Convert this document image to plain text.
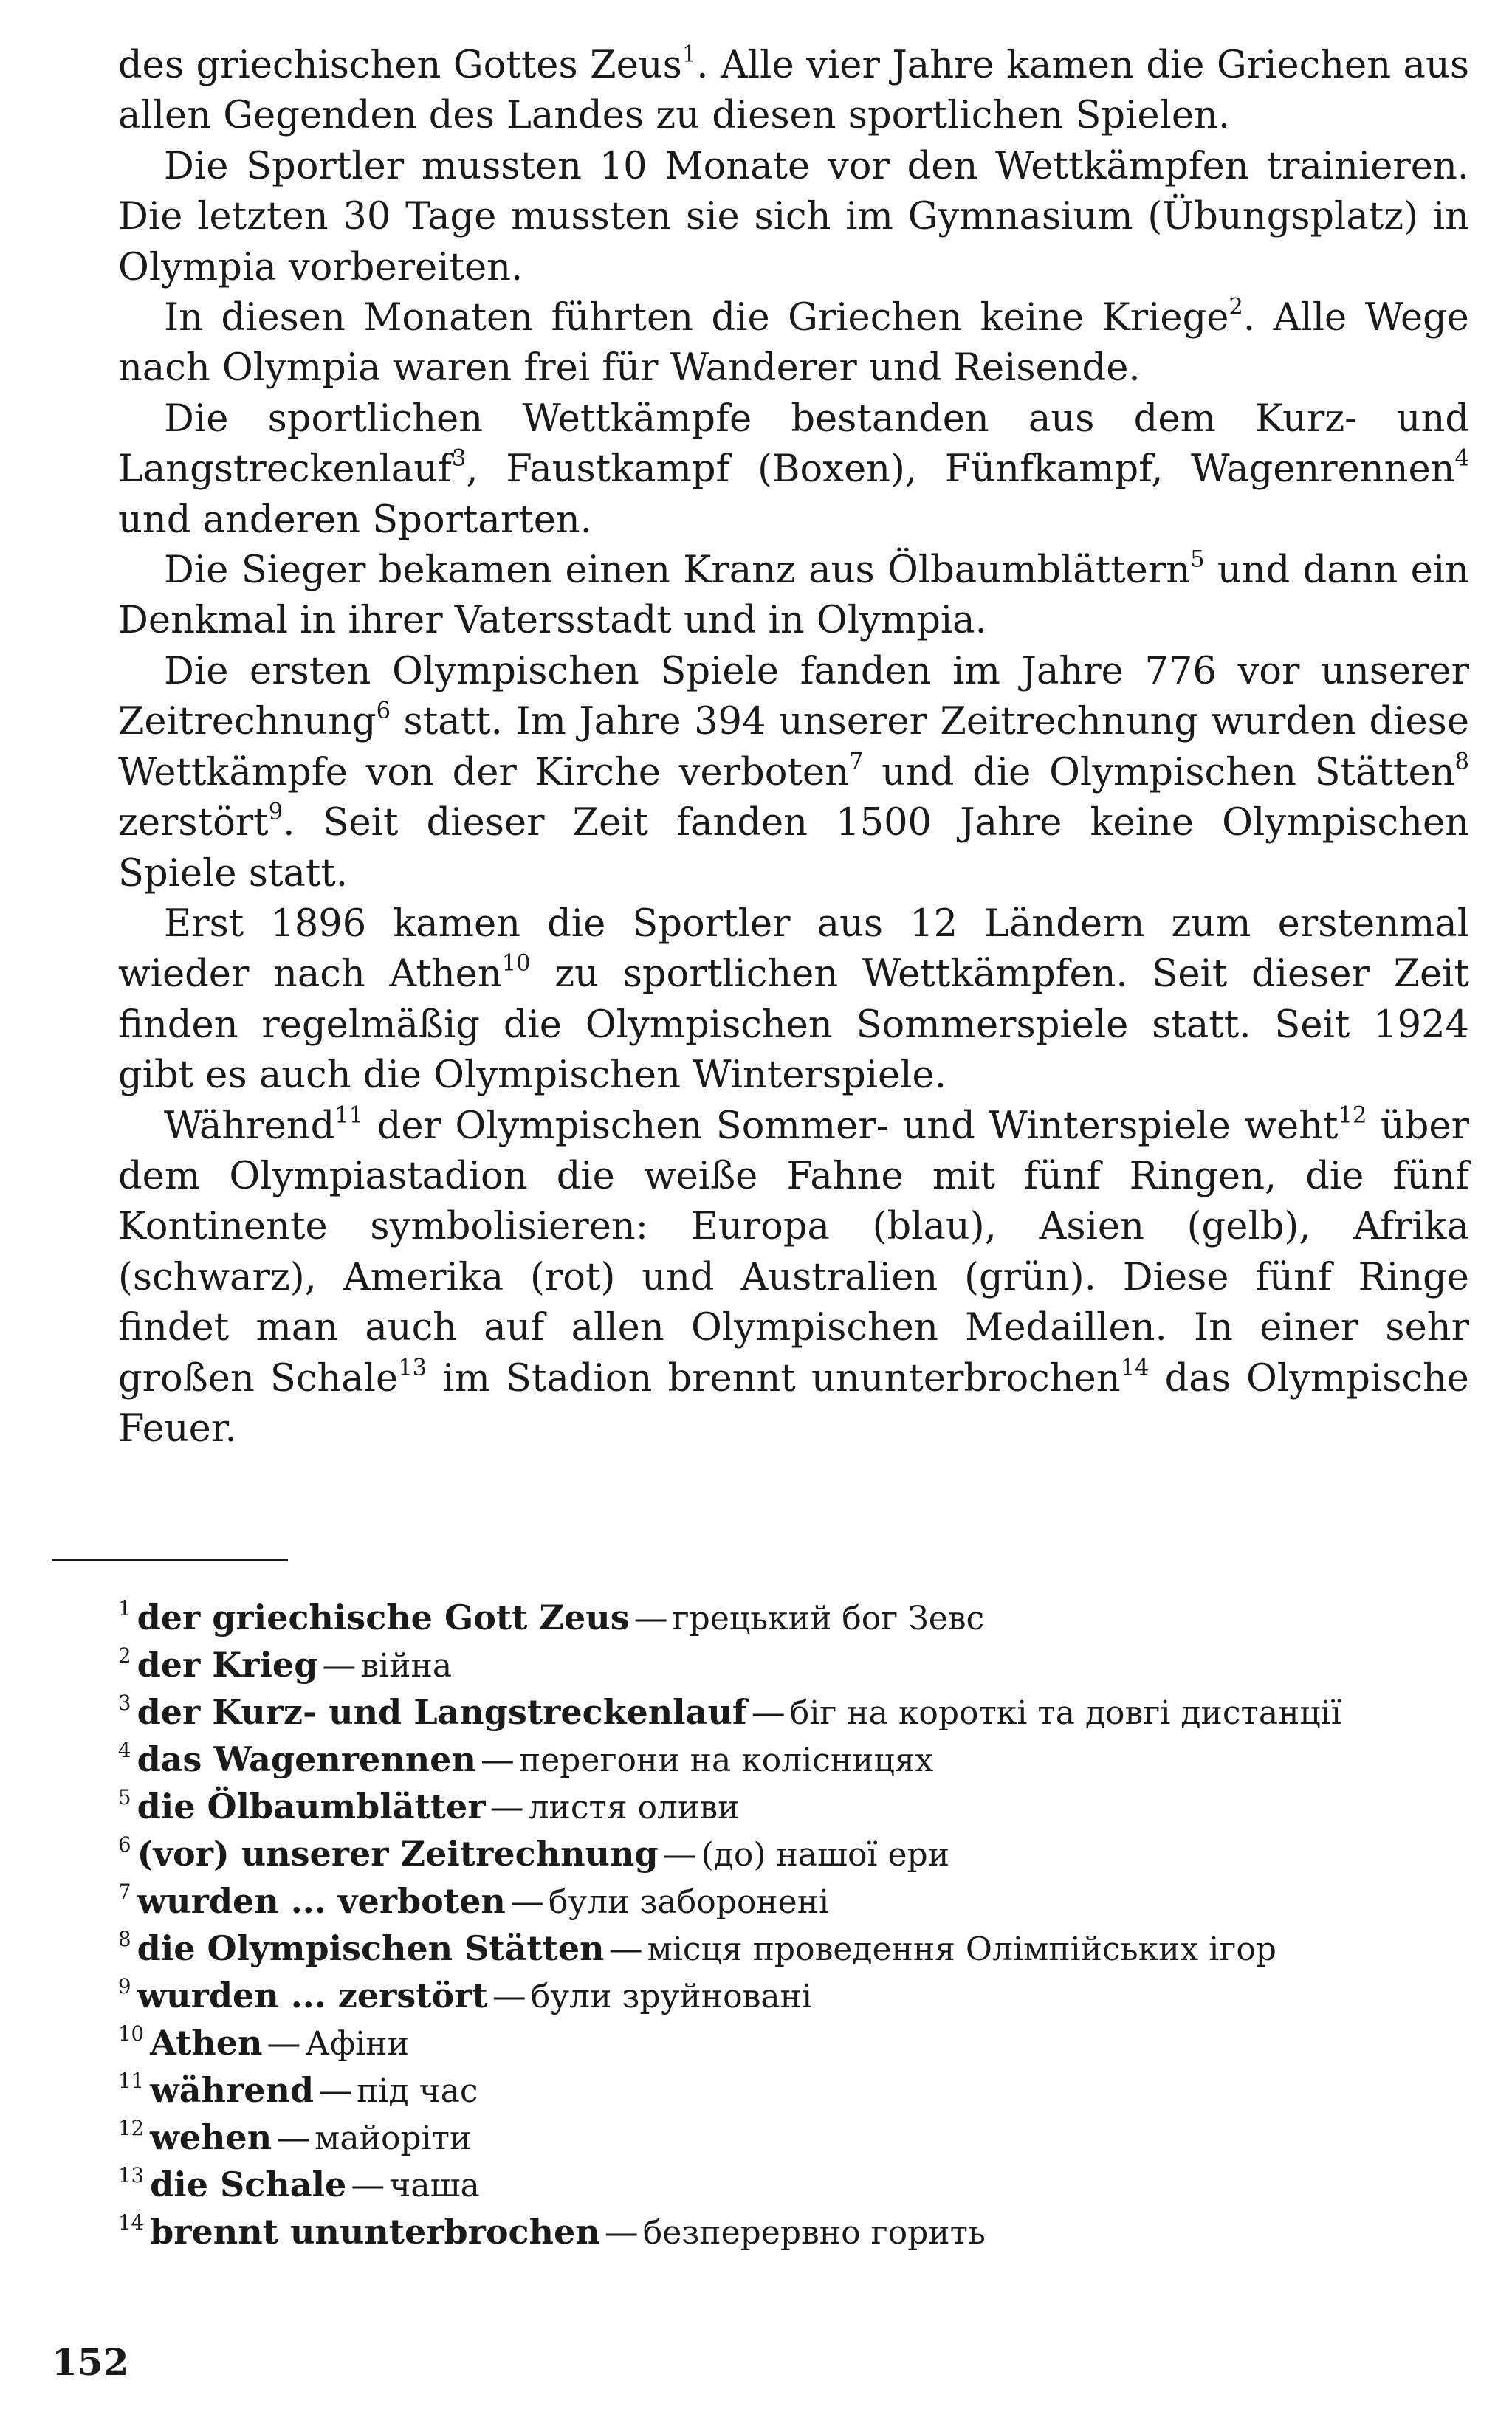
des griechischen Gottes Zeus$^1$. Alle vier Jahre kamen die Griechen aus allen Gegenden des Landes zu diesen sportlichen Spielen.

Die Sportler mussten 10 Monate vor den Wettkämpfen trainieren. Die letzten 30 Tage mussten sie sich im Gymnasium (Übungsplatz) in Olympia vorbereiten.

In diesen Monaten führten die Griechen keine Kriege$^2$. Alle Wege nach Olympia waren frei für Wanderer und Reisende.

Die sportlichen Wettkämpfe bestanden aus dem Kurz- und Langstreckenlauf$^3$, Faustkampf (Boxen), Fünfkampf, Wagenrennen$^4$ und anderen Sportarten.

Die Sieger bekamen einen Kranz aus Ölbaumblättern$^5$ und dann ein Denkmal in ihrer Vatersstadt und in Olympia.

Die ersten Olympischen Spiele fanden im Jahre 776 vor unserer Zeitrechnung$^6$ statt. Im Jahre 394 unserer Zeitrechnung wurden diese Wettkämpfe von der Kirche verboten$^7$ und die Olympischen Stätten$^8$ zerstört$^9$. Seit dieser Zeit fanden 1500 Jahre keine Olympischen Spiele statt.

Erst 1896 kamen die Sportler aus 12 Ländern zum erstenmal wieder nach Athen$^{10}$ zu sportlichen Wettkämpfen. Seit dieser Zeit finden regelmäßig die Olympischen Sommerspiele statt. Seit 1924 gibt es auch die Olympischen Winterspiele.

Während$^{11}$ der Olympischen Sommer- und Winterspiele weht$^{12}$ über dem Olympiastadion die weiße Fahne mit fünf Ringen, die fünf Kontinente symbolisieren: Europa (blau), Asien (gelb), Afrika (schwarz), Amerika (rot) und Australien (grün). Diese fünf Ringe findet man auch auf allen Olympischen Medaillen. In einer sehr großen Schale$^{13}$ im Stadion brennt ununterbrochen$^{14}$ das Olympische Feuer.

$^1$ der griechische Gott Zeus — грецький бог Зевс

$^2$ der Krieg — війна

$^3$ der Kurz- und Langstreckenlauf — біг на короткі та довгі дистанції

$^4$ das Wagenrennen — перегони на колісницях

$^5$ die Ölbaumblätter — листя оливи

$^6$ (vor) unserer Zeitrechnung — (до) нашої ери

$^7$ wurden ... verboten — були заборонені

$^8$ die Olympischen Stätten — місця проведення Олімпійських ігор

$^9$ wurden ... zerstört — були зруйновані

$^{10}$ Athen — Афіни

$^{11}$ während — під час

$^{12}$ wehen — майоріти

$^{13}$ die Schale — чаша

$^{14}$ brennt ununterbrochen — безперервно горить

152
